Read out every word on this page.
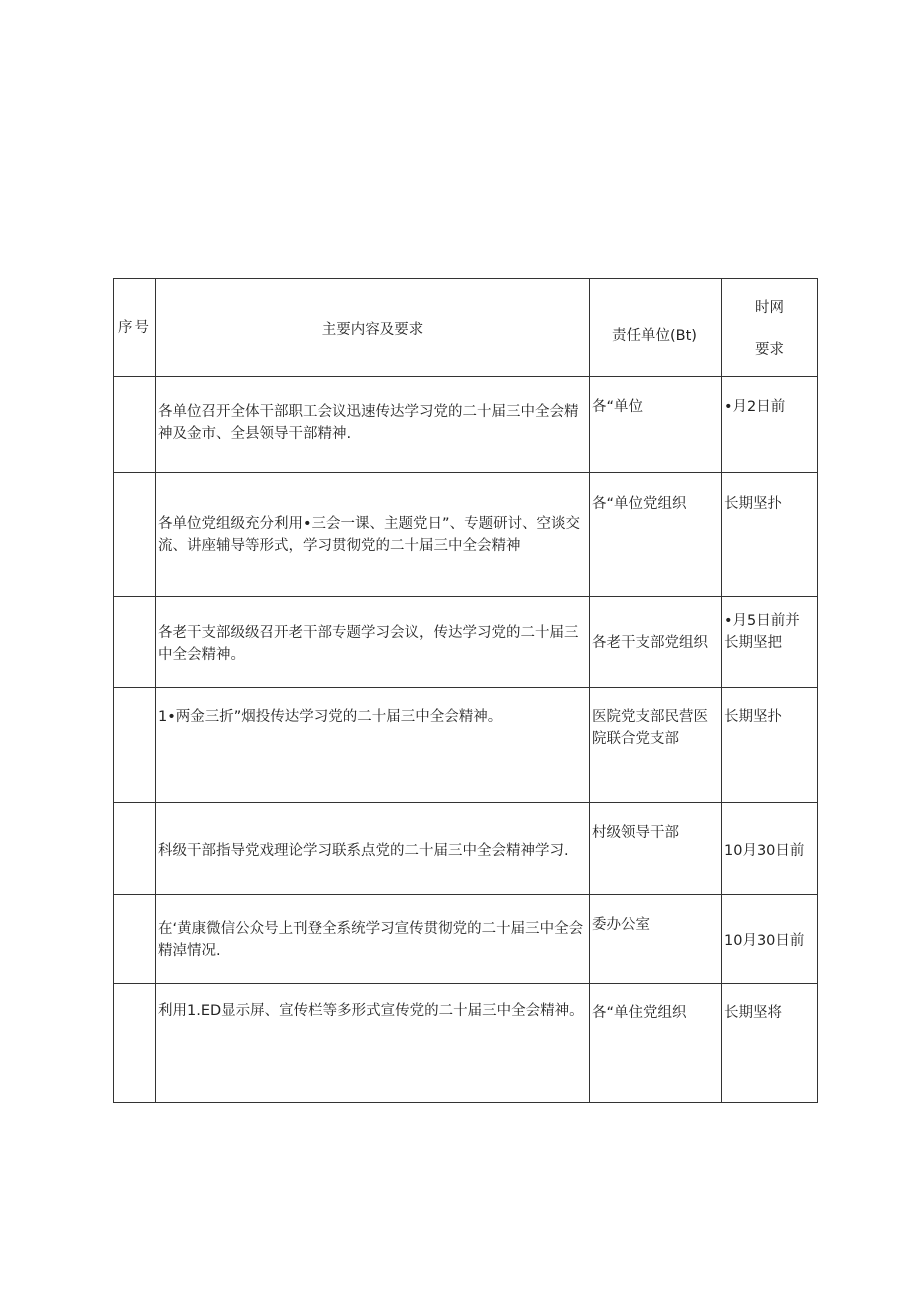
序号	主要内容及要求	责任单位(Bt)	时网
要求

	各单位召开全体干部职工会议迅速传达学习党的二十届三中全会精神及金市、全县领导干部精神.	各“单位	•月2日前
	各单位党组级充分利用•三会一课、主题党日”、专题研讨、空谈交流、讲座辅导等形式，学习贯彻党的二十届三中全会精神	各“单位党组织	长期坚扑
	各老干支部级级召开老干部专题学习会议，传达学习党的二十届三中全会精神。	各老干支部党组织	•月5日前并长期坚把
	1•两金三折”烟投传达学习党的二十届三中全会精神。	医院党支部民营医院联合党支部	长期坚扑
	科级干部指导党戏理论学习联系点党的二十届三中全会精神学习.	村级领导干部	10月30日前
	在‘黄康微信公众号上刊登全系统学习宣传贯彻党的二十届三中全会精淖情况.	委办公室	10月30日前
	利用1.ED显示屏、宣传栏等多形式宣传党的二十届三中全会精神。	各“单住党组织	长期坚将
